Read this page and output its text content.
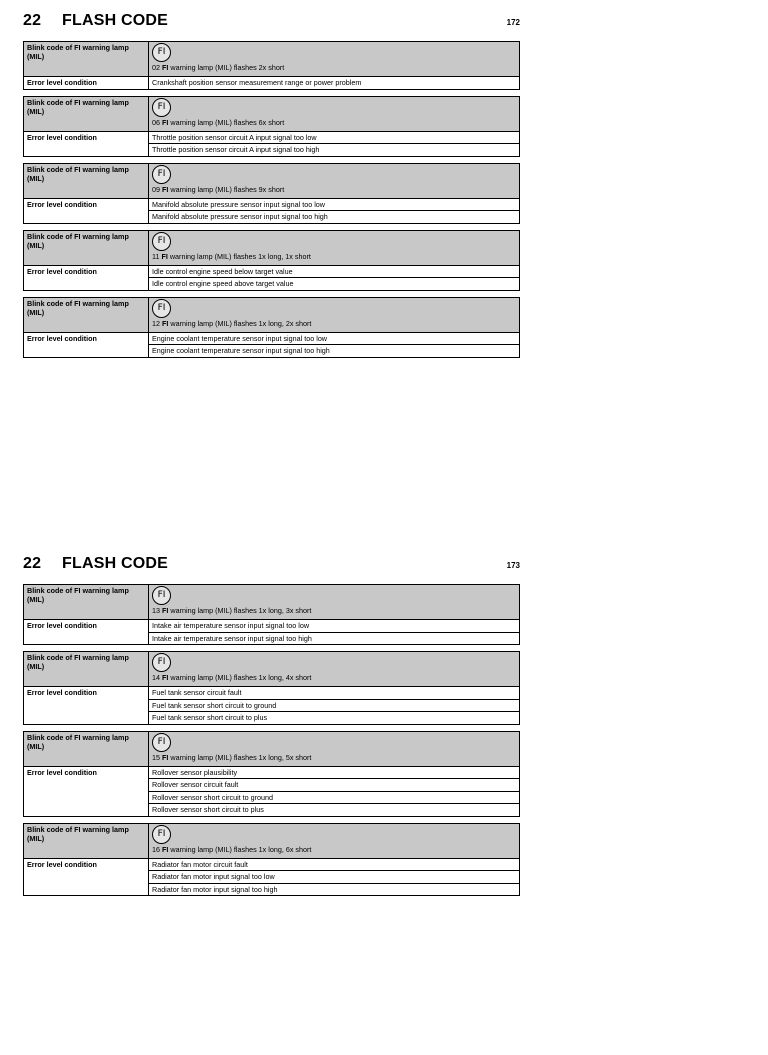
22 FLASH CODE	172
Blink code of FI warning lamp (MIL)	FI
02 FI warning lamp (MIL) flashes 2x short

Error level condition	Crankshaft position sensor measurement range or power problem
Blink code of FI warning lamp (MIL)	FI
06 FI warning lamp (MIL) flashes 6x short

Error level condition	Throttle position sensor circuit A input signal too low
	Throttle position sensor circuit A input signal too high
Blink code of FI warning lamp (MIL)	FI
09 FI warning lamp (MIL) flashes 9x short

Error level condition	Manifold absolute pressure sensor input signal too low
	Manifold absolute pressure sensor input signal too high
Blink code of FI warning lamp (MIL)	FI
11 FI warning lamp (MIL) flashes 1x long, 1x short

Error level condition	Idle control engine speed below target value
	Idle control engine speed above target value
Blink code of FI warning lamp (MIL)	FI
12 FI warning lamp (MIL) flashes 1x long, 2x short

Error level condition	Engine coolant temperature sensor input signal too low
	Engine coolant temperature sensor input signal too high
22 FLASH CODE	173
Blink code of FI warning lamp (MIL)	FI
13 FI warning lamp (MIL) flashes 1x long, 3x short

Error level condition	Intake air temperature sensor input signal too low
	Intake air temperature sensor input signal too high
Blink code of FI warning lamp (MIL)	FI
14 FI warning lamp (MIL) flashes 1x long, 4x short

Error level condition	Fuel tank sensor circuit fault
	Fuel tank sensor short circuit to ground
	Fuel tank sensor short circuit to plus
Blink code of FI warning lamp (MIL)	FI
15 FI warning lamp (MIL) flashes 1x long, 5x short

Error level condition	Rollover sensor plausibility
	Rollover sensor circuit fault
	Rollover sensor short circuit to ground
	Rollover sensor short circuit to plus
Blink code of FI warning lamp (MIL)	FI
16 FI warning lamp (MIL) flashes 1x long, 6x short

Error level condition	Radiator fan motor circuit fault
	Radiator fan motor input signal too low
	Radiator fan motor input signal too high
